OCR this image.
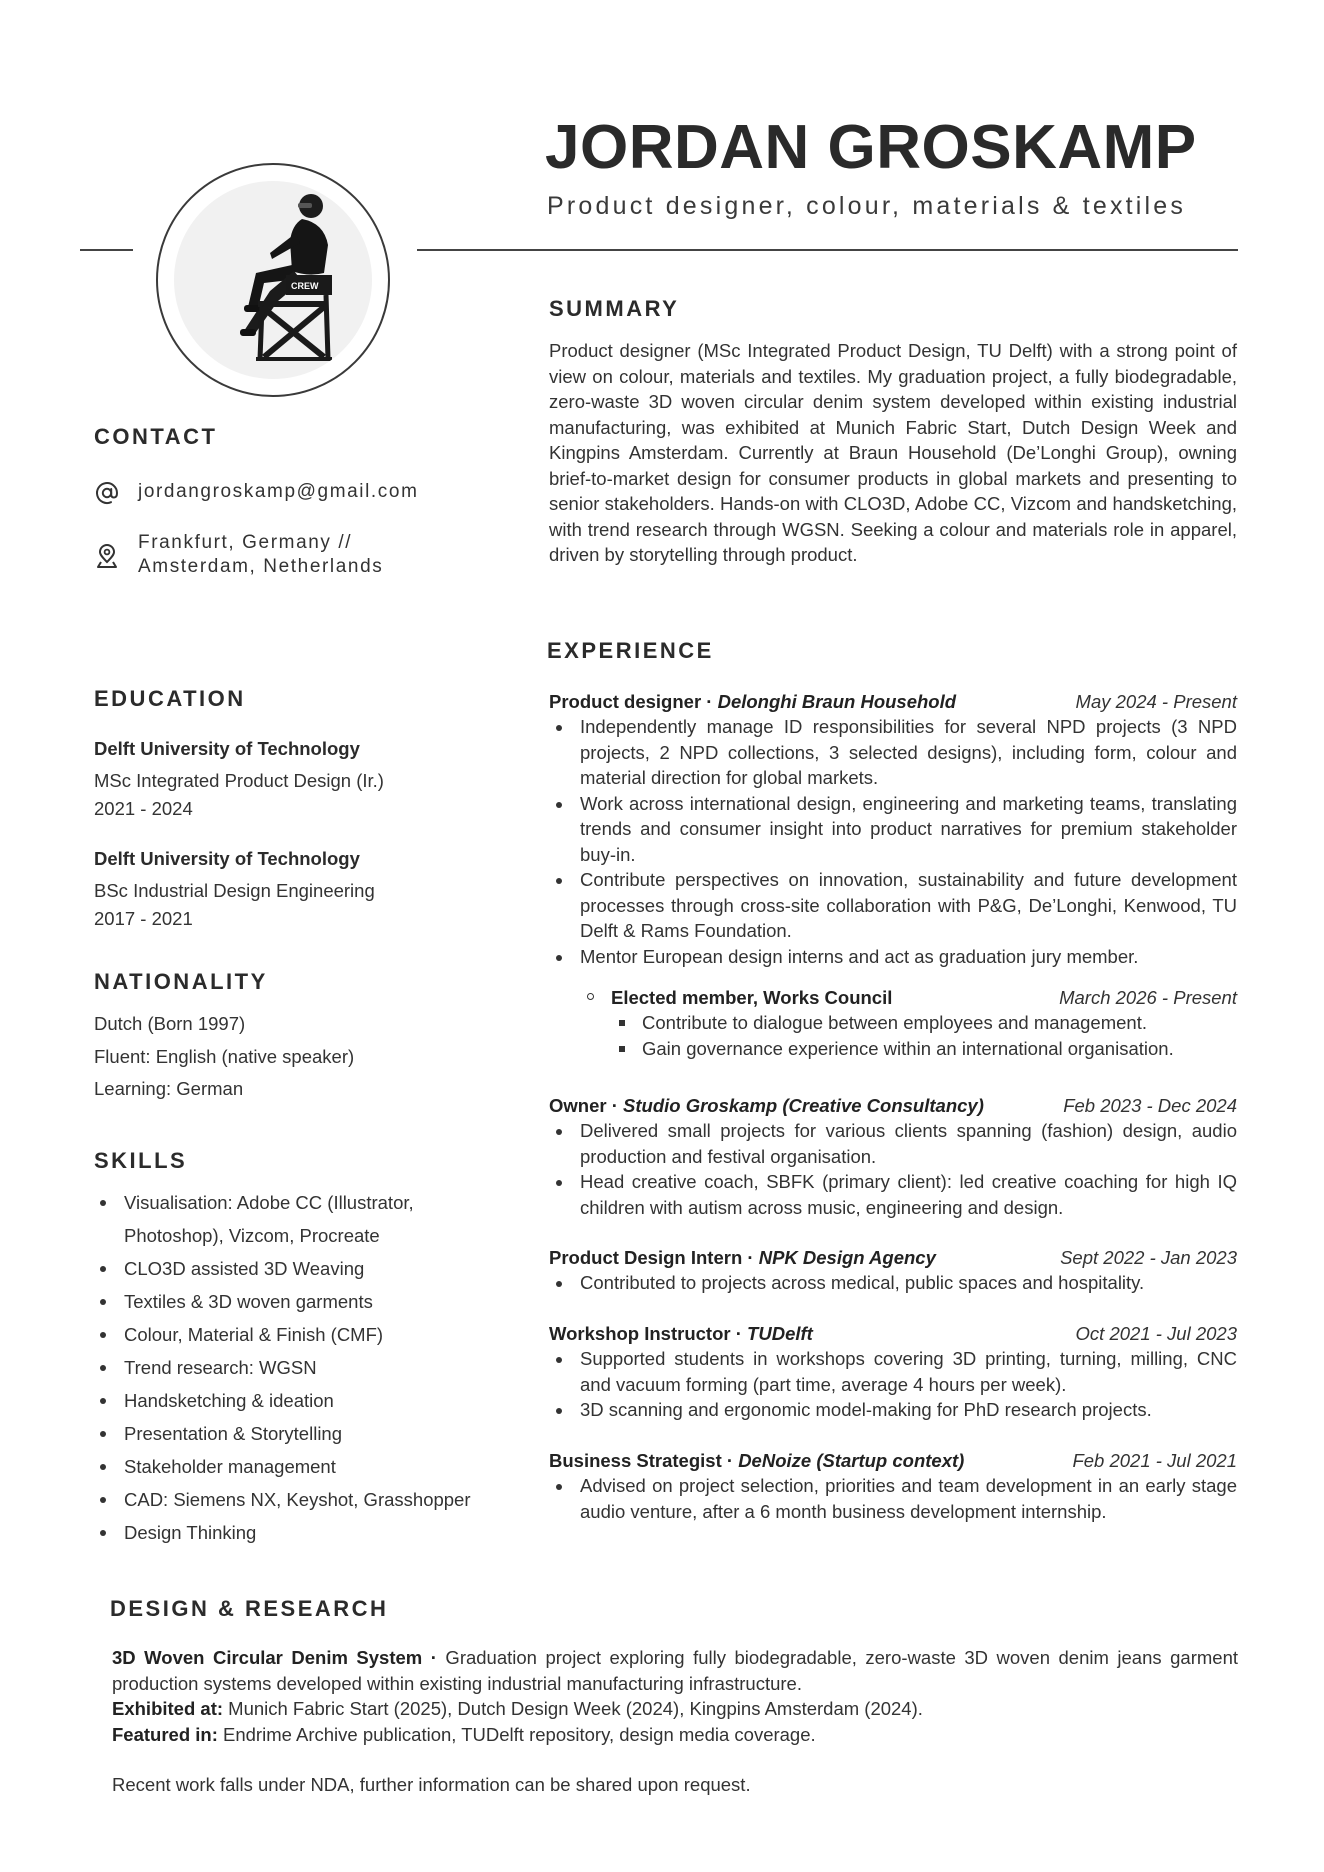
JORDAN GROSKAMP
Product designer, colour, materials & textiles
CREW
CONTACT
jordangroskamp@gmail.com
Frankfurt, Germany //
Amsterdam, Netherlands
EDUCATION
Delft University of Technology
MSc Integrated Product Design (Ir.)
2021 - 2024
Delft University of Technology
BSc Industrial Design Engineering
2017 - 2021
NATIONALITY
Dutch (Born 1997)
Fluent: English (native speaker)
Learning: German
SKILLS
Visualisation: Adobe CC (Illustrator, Photoshop), Vizcom, Procreate
CLO3D assisted 3D Weaving
Textiles & 3D woven garments
Colour, Material & Finish (CMF)
Trend research: WGSN
Handsketching & ideation
Presentation & Storytelling
Stakeholder management
CAD: Siemens NX, Keyshot, Grasshopper
Design Thinking
SUMMARY

Product designer (MSc Integrated Product Design, TU Delft) with a strong point of view on colour, materials and textiles. My graduation project, a fully biodegradable, zero-waste 3D woven circular denim system developed within existing industrial manufacturing, was exhibited at Munich Fabric Start, Dutch Design Week and Kingpins Amsterdam. Currently at Braun Household (De’Longhi Group), owning brief-to-market design for consumer products in global markets and presenting to senior stakeholders. Hands-on with CLO3D, Adobe CC, Vizcom and handsketching, with trend research through WGSN. Seeking a colour and materials role in apparel, driven by storytelling through product.

EXPERIENCE
Product designer · Delonghi Braun Household	May 2024 - Present
Independently manage ID responsibilities for several NPD projects (3 NPD projects, 2 NPD collections, 3 selected designs), including form, colour and material direction for global markets.
Work across international design, engineering and marketing teams, translating trends and consumer insight into product narratives for premium stakeholder buy-in.
Contribute perspectives on innovation, sustainability and future development processes through cross-site collaboration with P&G, De’Longhi, Kenwood, TU Delft & Rams Foundation.
Mentor European design interns and act as graduation jury member.
Elected member, Works Council	March 2026 - Present
Contribute to dialogue between employees and management.
Gain governance experience within an international organisation.
Owner · Studio Groskamp (Creative Consultancy)	Feb 2023 - Dec 2024
Delivered small projects for various clients spanning (fashion) design, audio production and festival organisation.
Head creative coach, SBFK (primary client): led creative coaching for high IQ children with autism across music, engineering and design.
Product Design Intern · NPK Design Agency	Sept 2022 - Jan 2023
Contributed to projects across medical, public spaces and hospitality.
Workshop Instructor · TUDelft	Oct 2021 - Jul 2023
Supported students in workshops covering 3D printing, turning, milling, CNC and vacuum forming (part time, average 4 hours per week).
3D scanning and ergonomic model-making for PhD research projects.
Business Strategist · DeNoize (Startup context)	Feb 2021 - Jul 2021
Advised on project selection, priorities and team development in an early stage audio venture, after a 6 month business development internship.
DESIGN & RESEARCH

3D Woven Circular Denim System · Graduation project exploring fully biodegradable, zero-waste 3D woven denim jeans garment production systems developed within existing industrial manufacturing infrastructure.

Exhibited at: Munich Fabric Start (2025), Dutch Design Week (2024), Kingpins Amsterdam (2024).

Featured in: Endrime Archive publication, TUDelft repository, design media coverage.

Recent work falls under NDA, further information can be shared upon request.
